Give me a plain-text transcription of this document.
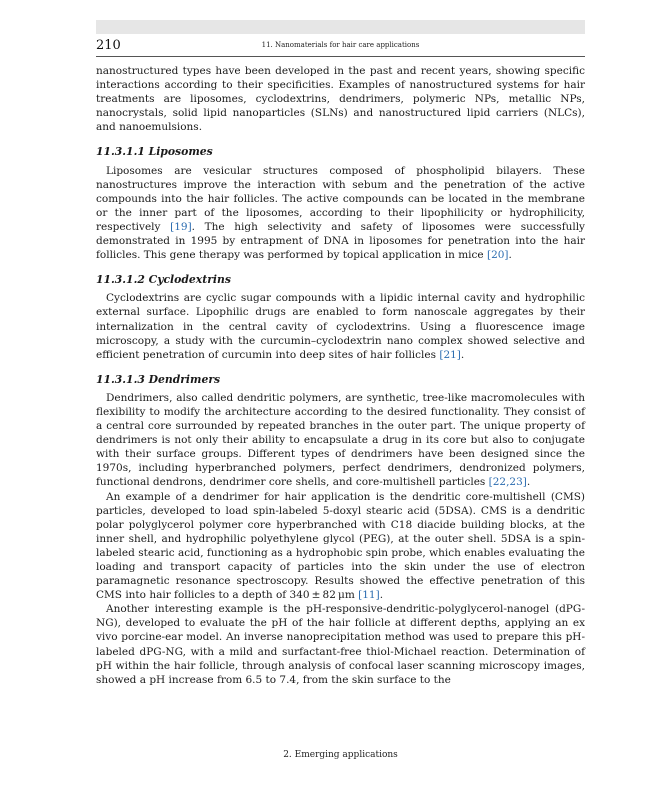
210	11. Nanomaterials for hair care applications

nanostructured types have been developed in the past and recent years, showing specific interactions according to their specificities. Examples of nanostructured systems for hair treatments are liposomes, cyclodextrins, dendrimers, polymeric NPs, metallic NPs, nanocrystals, solid lipid nanoparticles (SLNs) and nanostructured lipid carriers (NLCs), and nanoemulsions.

11.3.1.1 Liposomes

Liposomes are vesicular structures composed of phospholipid bilayers. These nanostructures improve the interaction with sebum and the penetration of the active compounds into the hair follicles. The active compounds can be located in the membrane or the inner part of the liposomes, according to their lipophilicity or hydrophilicity, respectively [19]. The high selectivity and safety of liposomes were successfully demonstrated in 1995 by entrapment of DNA in liposomes for penetration into the hair follicles. This gene therapy was performed by topical application in mice [20].

11.3.1.2 Cyclodextrins

Cyclodextrins are cyclic sugar compounds with a lipidic internal cavity and hydrophilic external surface. Lipophilic drugs are enabled to form nanoscale aggregates by their internalization in the central cavity of cyclodextrins. Using a fluorescence image microscopy, a study with the curcumin–cyclodextrin nano complex showed selective and efficient penetration of curcumin into deep sites of hair follicles [21].

11.3.1.3 Dendrimers

Dendrimers, also called dendritic polymers, are synthetic, tree-like macromolecules with flexibility to modify the architecture according to the desired functionality. They consist of a central core surrounded by repeated branches in the outer part. The unique property of dendrimers is not only their ability to encapsulate a drug in its core but also to conjugate with their surface groups. Different types of dendrimers have been designed since the 1970s, including hyperbranched polymers, perfect dendrimers, dendronized polymers, functional dendrons, dendrimer core shells, and core-multishell particles [22,23].

An example of a dendrimer for hair application is the dendritic core-multishell (CMS) particles, developed to load spin-labeled 5-doxyl stearic acid (5DSA). CMS is a dendritic polar polyglycerol polymer core hyperbranched with C18 diacide building blocks, at the inner shell, and hydrophilic polyethylene glycol (PEG), at the outer shell. 5DSA is a spin-labeled stearic acid, functioning as a hydrophobic spin probe, which enables evaluating the loading and transport capacity of particles into the skin under the use of electron paramagnetic resonance spectroscopy. Results showed the effective penetration of this CMS into hair follicles to a depth of 340 ± 82 μm [11].

Another interesting example is the pH-responsive-dendritic-polyglycerol-nanogel (dPG-NG), developed to evaluate the pH of the hair follicle at different depths, applying an ex vivo porcine-ear model. An inverse nanoprecipitation method was used to prepare this pH-labeled dPG-NG, with a mild and surfactant-free thiol-Michael reaction. Determination of pH within the hair follicle, through analysis of confocal laser scanning microscopy images, showed a pH increase from 6.5 to 7.4, from the skin surface to the

2. Emerging applications
